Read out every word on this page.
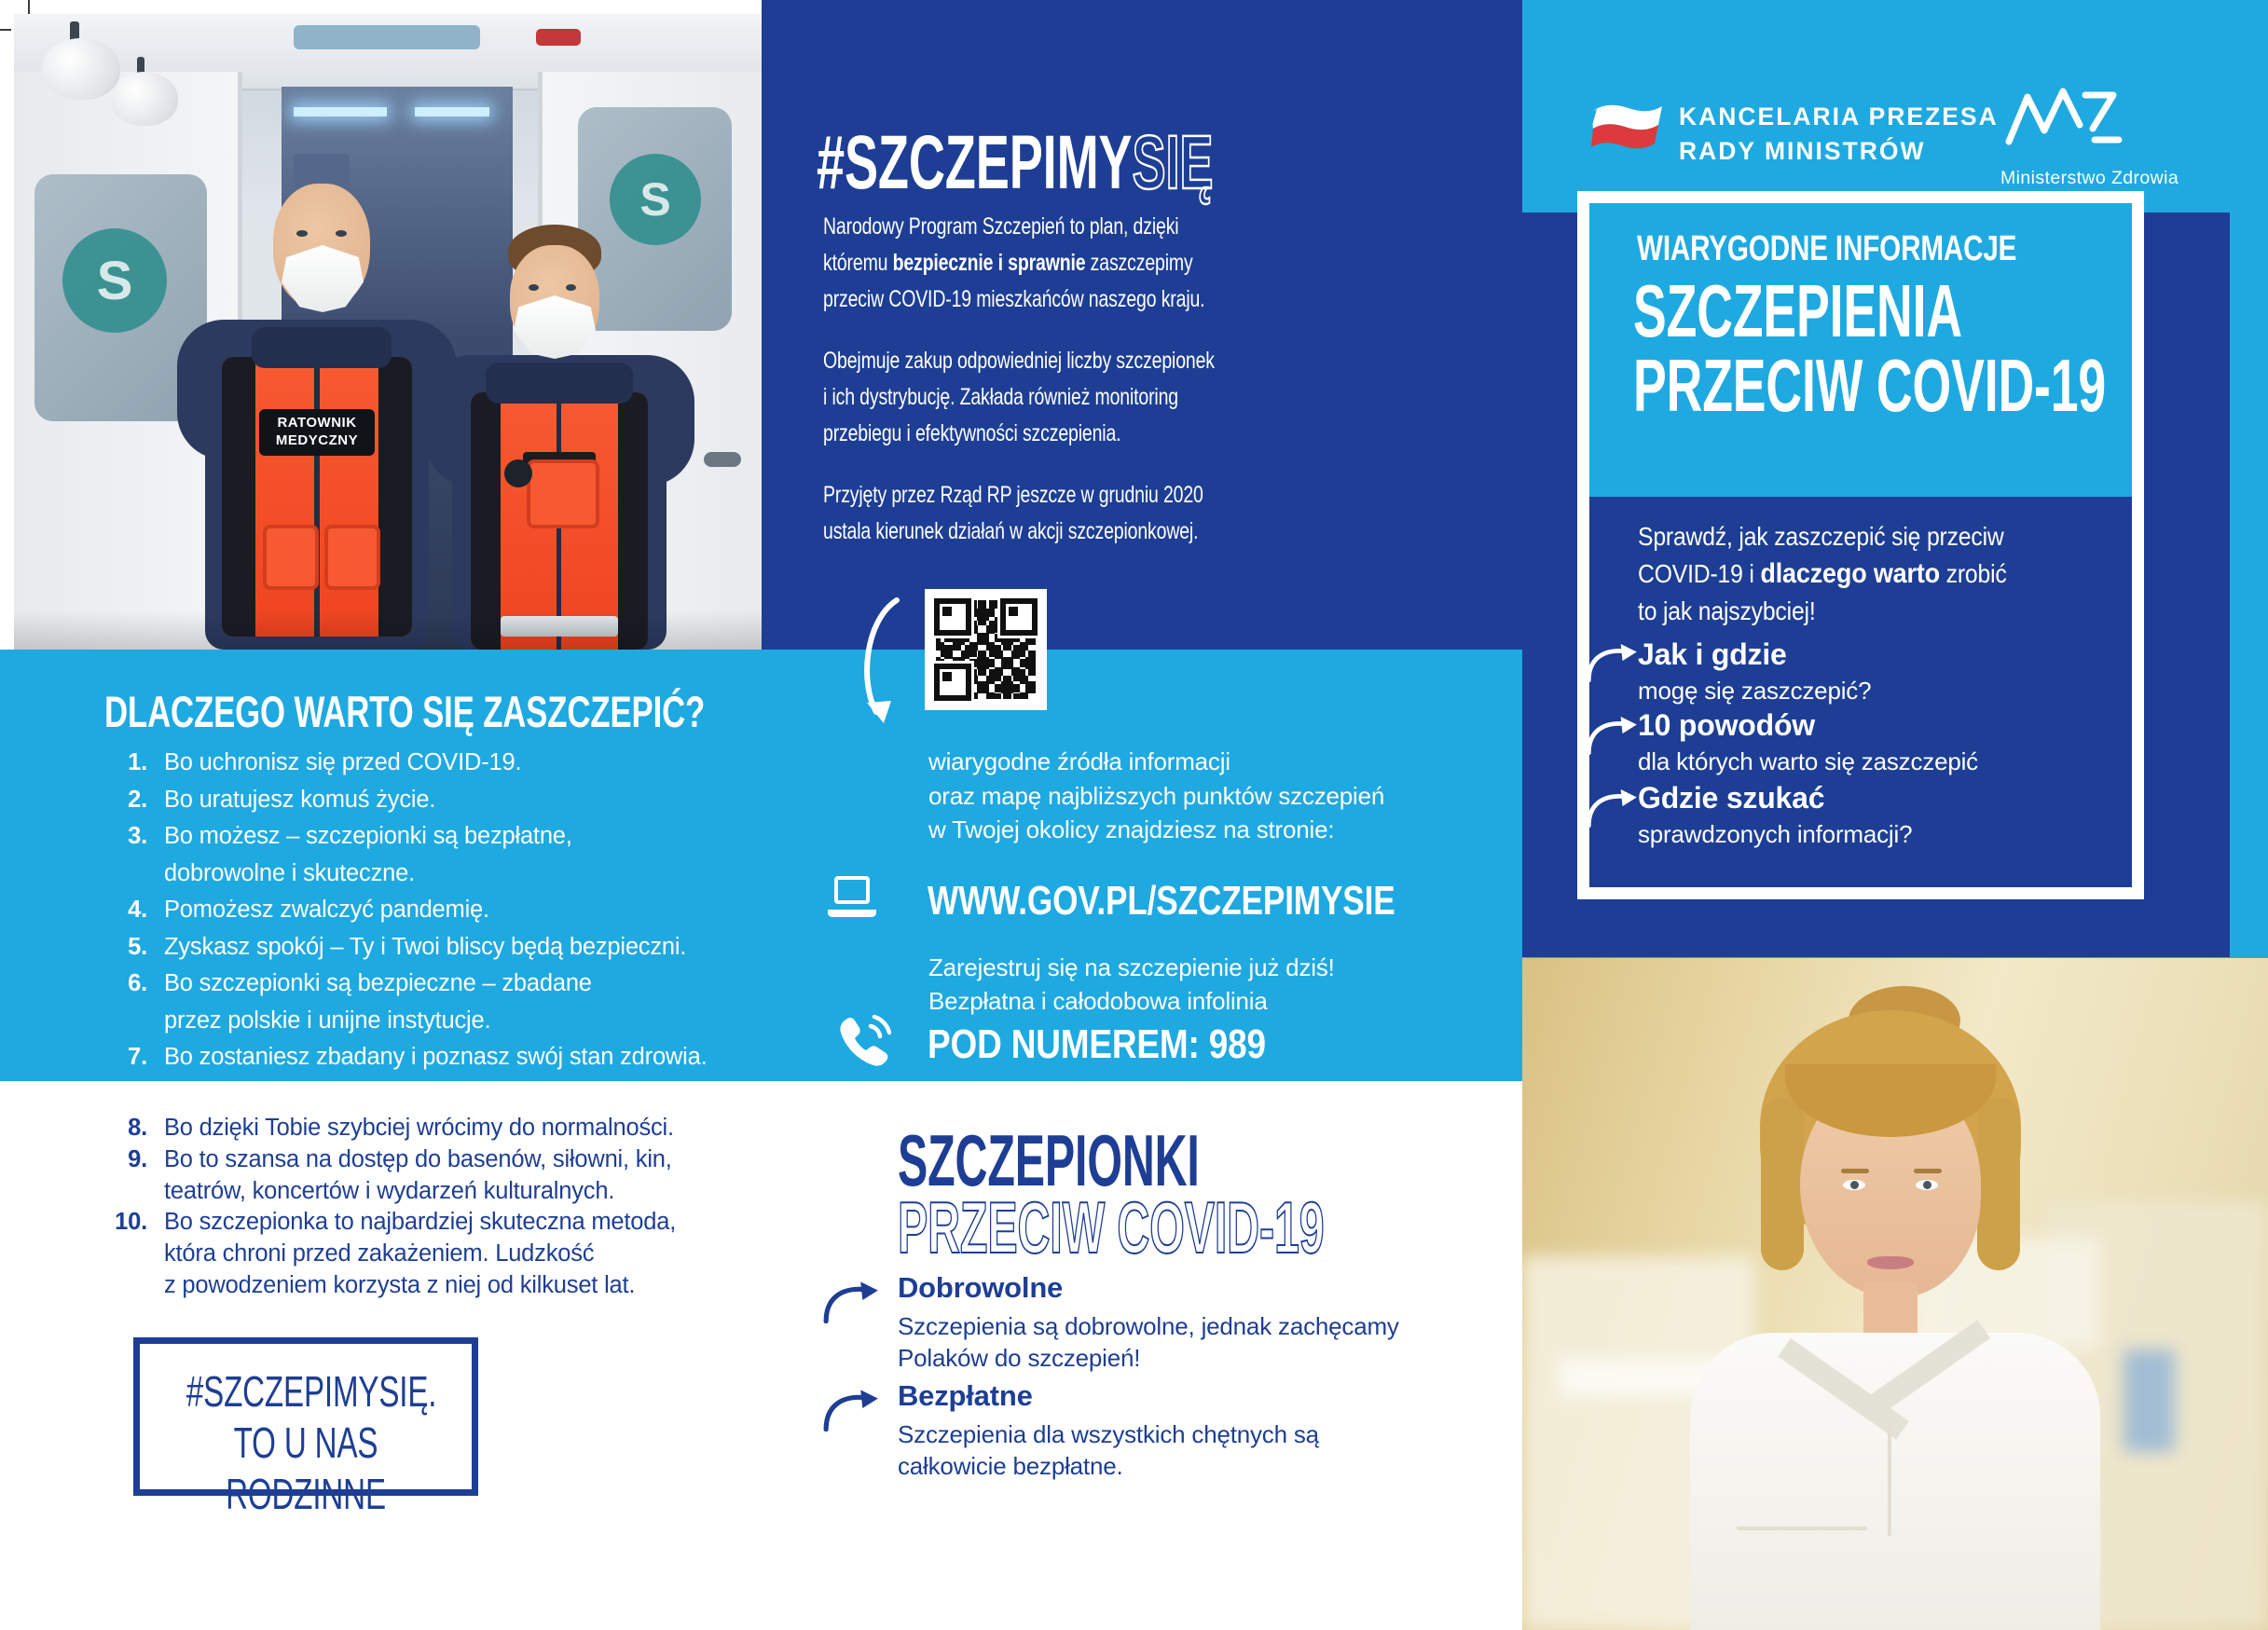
S
S
RATOWNIK
MEDYCZNY
DLACZEGO WARTO SIĘ ZASZCZEPIĆ?
1. Bo uchronisz się przed COVID-19.
2. Bo uratujesz komuś życie.
3. Bo możesz – szczepionki są bezpłatne,
dobrowolne i skuteczne.
4. Pomożesz zwalczyć pandemię.
5. Zyskasz spokój – Ty i Twoi bliscy będą bezpieczni.
6. Bo szczepionki są bezpieczne – zbadane
przez polskie i unijne instytucje.
7. Bo zostaniesz zbadany i poznasz swój stan zdrowia.
8. Bo dzięki Tobie szybciej wrócimy do normalności.
9. Bo to szansa na dostęp do basenów, siłowni, kin,
teatrów, koncertów i wydarzeń kulturalnych.
10. Bo szczepionka to najbardziej skuteczna metoda,
która chroni przed zakażeniem. Ludzkość
z powodzeniem korzysta z niej od kilkuset lat.
#SZCZEPIMYSIĘ.
TO U NAS RODZINNE
#SZCZEPIMYSIĘ
Narodowy Program Szczepień to plan, dzięki
któremu bezpiecznie i sprawnie zaszczepimy
przeciw COVID-19 mieszkańców naszego kraju.
Obejmuje zakup odpowiedniej liczby szczepionek
i ich dystrybucję. Zakłada również monitoring
przebiegu i efektywności szczepienia.
Przyjęty przez Rząd RP jeszcze w grudniu 2020
ustala kierunek działań w akcji szczepionkowej.
wiarygodne źródła informacji
oraz mapę najbliższych punktów szczepień
w Twojej okolicy znajdziesz na stronie:
WWW.GOV.PL/SZCZEPIMYSIE
Zarejestruj się na szczepienie już dziś!
Bezpłatna i całodobowa infolinia
POD NUMEREM: 989
SZCZEPIONKI
PRZECIW COVID-19
Dobrowolne
Szczepienia są dobrowolne, jednak zachęcamy
Polaków do szczepień!
Bezpłatne
Szczepienia dla wszystkich chętnych są
całkowicie bezpłatne.
KANCELARIA PREZESA
RADY MINISTRÓW
Ministerstwo Zdrowia
WIARYGODNE INFORMACJE
SZCZEPIENIA
PRZECIW COVID-19
Sprawdź, jak zaszczepić się przeciw
COVID-19 i dlaczego warto zrobić
to jak najszybciej!
Jak i gdzie
mogę się zaszczepić?
10 powodów
dla których warto się zaszczepić
Gdzie szukać
sprawdzonych informacji?
